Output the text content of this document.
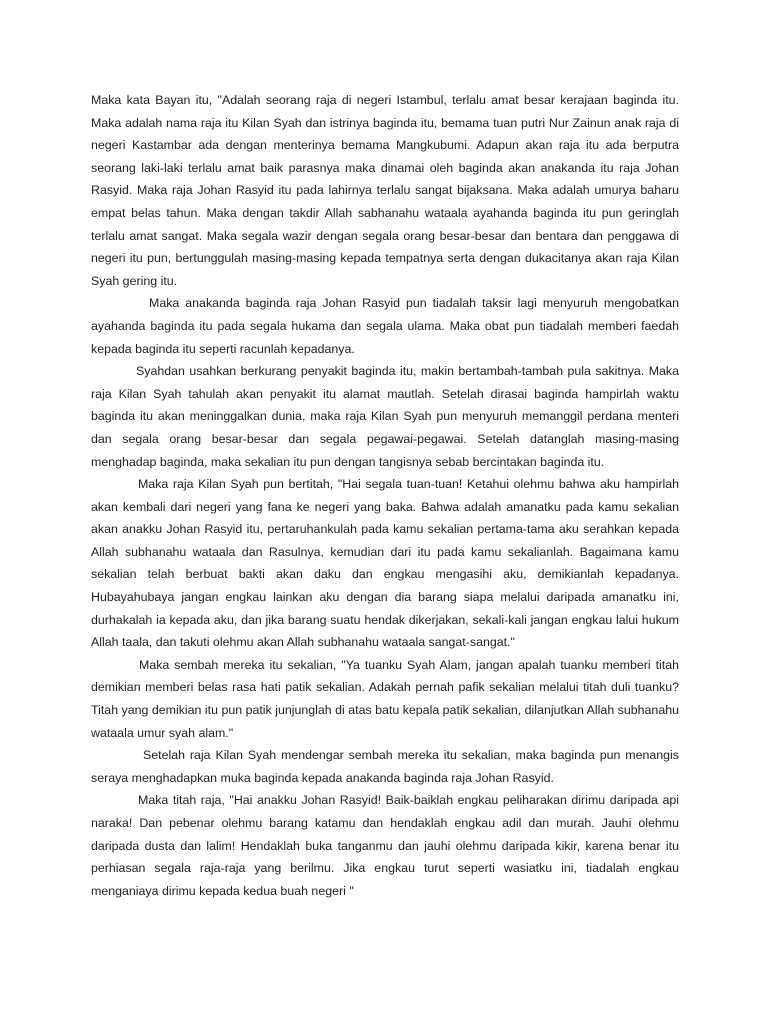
Maka kata Bayan itu, "Adalah seorang raja di negeri Istambul, terlalu amat besar kerajaan baginda itu. Maka adalah nama raja itu Kilan Syah dan istrinya baginda itu, bemama tuan putri Nur Zainun anak raja di negeri Kastambar ada dengan menterinya bemama Mangkubumi. Adapun akan raja itu ada berputra seorang laki-laki terlalu amat baik parasnya maka dinamai oleh baginda akan anakanda itu raja Johan Rasyid. Maka raja Johan Rasyid itu pada lahirnya terlalu sangat bijaksana. Maka adalah umurya baharu empat belas tahun. Maka dengan takdir Allah sabhanahu wataala ayahanda baginda itu pun geringlah terlalu amat sangat. Maka segala wazir dengan segala orang besar-besar dan bentara dan penggawa di negeri itu pun, bertunggulah masing-masing kepada tempatnya serta dengan dukacitanya akan raja Kilan Syah gering itu.

Maka anakanda baginda raja Johan Rasyid pun tiadalah taksir lagi menyuruh mengobatkan ayahanda baginda itu pada segala hukama dan segala ulama. Maka obat pun tiadalah memberi faedah kepada baginda itu seperti racunlah kepadanya.

Syahdan usahkan berkurang penyakit baginda itu, makin bertambah-tambah pula sakitnya. Maka raja Kilan Syah tahulah akan penyakit itu alamat mautlah. Setelah dirasai baginda hampirlah waktu baginda itu akan meninggalkan dunia, maka raja Kilan Syah pun menyuruh memanggil perdana menteri dan segala orang besar-besar dan segala pegawai-pegawai. Setelah datanglah masing-masing menghadap baginda, maka sekalian itu pun dengan tangisnya sebab bercintakan baginda itu.

Maka raja Kilan Syah pun bertitah, "Hai segala tuan-tuan! Ketahui olehmu bahwa aku hampirlah akan kembali dari negeri yang fana ke negeri yang baka. Bahwa adalah amanatku pada kamu sekalian akan anakku Johan Rasyid itu, pertaruhankulah pada kamu sekalian pertama-tama aku serahkan kepada Allah subhanahu wataala dan Rasulnya, kemudian dari itu pada kamu sekalianlah. Bagaimana kamu sekalian telah berbuat bakti akan daku dan engkau mengasihi aku, demikianlah kepadanya. Hubayahubaya jangan engkau lainkan aku dengan dia barang siapa melalui daripada amanatku ini, durhakalah ia kepada aku, dan jika barang suatu hendak dikerjakan, sekali-kali jangan engkau lalui hukum Allah taala, dan takuti olehmu akan Allah subhanahu wataala sangat-sangat."

Maka sembah mereka itu sekalian, "Ya tuanku Syah Alam, jangan apalah tuanku memberi titah demikian memberi belas rasa hati patik sekalian. Adakah pernah pafik sekalian melalui titah duli tuanku? Titah yang demikian itu pun patik junjunglah di atas batu kepala patik sekalian, dilanjutkan Allah subhanahu wataala umur syah alam."

Setelah raja Kilan Syah mendengar sembah mereka itu sekalian, maka baginda pun menangis seraya menghadapkan muka baginda kepada anakanda baginda raja Johan Rasyid.

Maka titah raja, "Hai anakku Johan Rasyid! Baik-baiklah engkau peliharakan dirimu daripada api naraka! Dan pebenar olehmu barang katamu dan hendaklah engkau adil dan murah. Jauhi olehmu daripada dusta dan lalim! Hendaklah buka tanganmu dan jauhi olehmu daripada kikir, karena benar itu perhiasan segala raja-raja yang berilmu. Jika engkau turut seperti wasiatku ini, tiadalah engkau menganiaya dirimu kepada kedua buah negeri "
